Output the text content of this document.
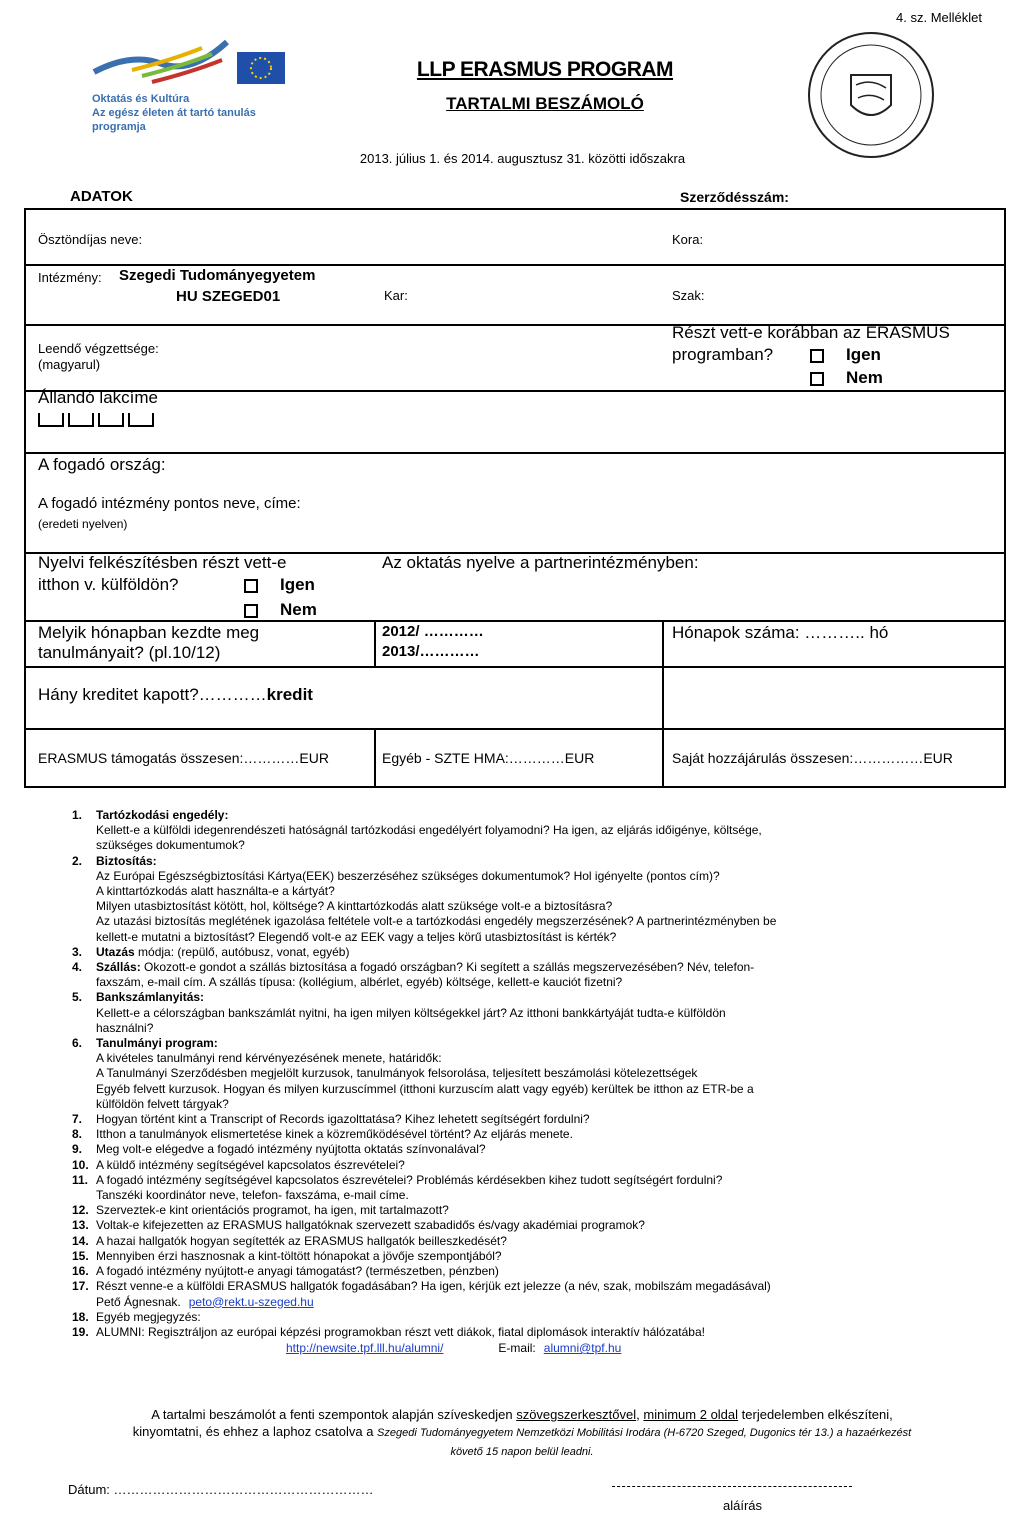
4. sz. Melléklet
Oktatás és Kultúra
Az egész életen át tartó tanulás
programja
LLP ERASMUS PROGRAM
TARTALMI BESZÁMOLÓ
2013. július 1. és 2014. augusztusz 31. közötti időszakra
ADATOK	Szerződésszám:
Ösztöndíjas neve:	Kora:
Intézmény: Szegedi Tudományegyetem
HU SZEGED01	Kar:	Szak:
Leendő végzettsége:
(magyarul)
Részt vett-e korábban az ERASMUS
programban?	Igen
Nem
Állandó lakcíme
A fogadó ország:
A fogadó intézmény pontos neve, címe:
(eredeti nyelven)
Nyelvi felkészítésben részt vett-e
itthon v. külföldön?	Igen
Nem
Az oktatás nyelve a partnerintézményben:
Melyik hónapban kezdte meg
tanulmányait? (pl.10/12)
2012/ …………
2013/…………
Hónapok száma: ……….. hó
Hány kreditet kapott?…………kredit
ERASMUS támogatás összesen:…………EUR	Egyéb - SZTE HMA:…………EUR	Saját hozzájárulás összesen:……………EUR
1. Tartózkodási engedély:
Kellett-e a külföldi idegenrendészeti hatóságnál tartózkodási engedélyért folyamodni? Ha igen, az eljárás időigénye, költsége,
szükséges dokumentumok?
2. Biztosítás:
Az Európai Egészségbiztosítási Kártya(EEK) beszerzéséhez szükséges dokumentumok? Hol igényelte (pontos cím)?
A kinttartózkodás alatt használta-e a kártyát?
Milyen utasbiztosítást kötött, hol, költsége? A kinttartózkodás alatt szüksége volt-e a biztosításra?
Az utazási biztosítás meglétének igazolása feltétele volt-e a tartózkodási engedély megszerzésének? A partnerintézményben be
kellett-e mutatni a biztosítást? Elegendő volt-e az EEK vagy a teljes körű utasbiztosítást is kérték?
3. Utazás módja: (repülő, autóbusz, vonat, egyéb)
4. Szállás: Okozott-e gondot a szállás biztosítása a fogadó országban? Ki segített a szállás megszervezésében? Név, telefon-
faxszám, e-mail cím. A szállás típusa: (kollégium, albérlet, egyéb) költsége, kellett-e kauciót fizetni?
5. Bankszámlanyitás:
Kellett-e a célországban bankszámlát nyitni, ha igen milyen költségekkel járt? Az itthoni bankkártyáját tudta-e külföldön
használni?
6. Tanulmányi program:
A kivételes tanulmányi rend kérvényezésének menete, határidők:
A Tanulmányi Szerződésben megjelölt kurzusok, tanulmányok felsorolása, teljesített beszámolási kötelezettségek
Egyéb felvett kurzusok. Hogyan és milyen kurzuscímmel (itthoni kurzuscím alatt vagy egyéb) kerültek be itthon az ETR-be a
külföldön felvett tárgyak?
7. Hogyan történt kint a Transcript of Records igazolttatása? Kihez lehetett segítségért fordulni?
8. Itthon a tanulmányok elismertetése kinek a közreműködésével történt? Az eljárás menete.
9. Meg volt-e elégedve a fogadó intézmény nyújtotta oktatás színvonalával?
10. A küldő intézmény segítségével kapcsolatos észrevételei?
11. A fogadó intézmény segítségével kapcsolatos észrevételei? Problémás kérdésekben kihez tudott segítségért fordulni?
Tanszéki koordinátor neve, telefon- faxszáma, e-mail címe.
12. Szerveztek-e kint orientációs programot, ha igen, mit tartalmazott?
13. Voltak-e kifejezetten az ERASMUS hallgatóknak szervezett szabadidős és/vagy akadémiai programok?
14. A hazai hallgatók hogyan segítették az ERASMUS hallgatók beilleszkedését?
15. Mennyiben érzi hasznosnak a kint-töltött hónapokat a jövője szempontjából?
16. A fogadó intézmény nyújtott-e anyagi támogatást? (természetben, pénzben)
17. Részt venne-e a külföldi ERASMUS hallgatók fogadásában? Ha igen, kérjük ezt jelezze (a név, szak, mobilszám megadásával)
Pető Ágnesnak. peto@rekt.u-szeged.hu
18. Egyéb megjegyzés:
19. ALUMNI: Regisztráljon az európai képzési programokban részt vett diákok, fiatal diplomások interaktív hálózatába!
http://newsite.tpf.lll.hu/alumni/	E-mail: alumni@tpf.hu
A tartalmi beszámolót a fenti szempontok alapján szíveskedjen szövegszerkesztővel, minimum 2 oldal terjedelemben elkészíteni,
kinyomtatni, és ehhez a laphoz csatolva a Szegedi Tudományegyetem Nemzetközi Mobilitási Irodára (H-6720 Szeged, Dugonics tér 13.) a hazaérkezést
követő 15 napon belül leadni.
Dátum: ……………………………………………………
aláírás
